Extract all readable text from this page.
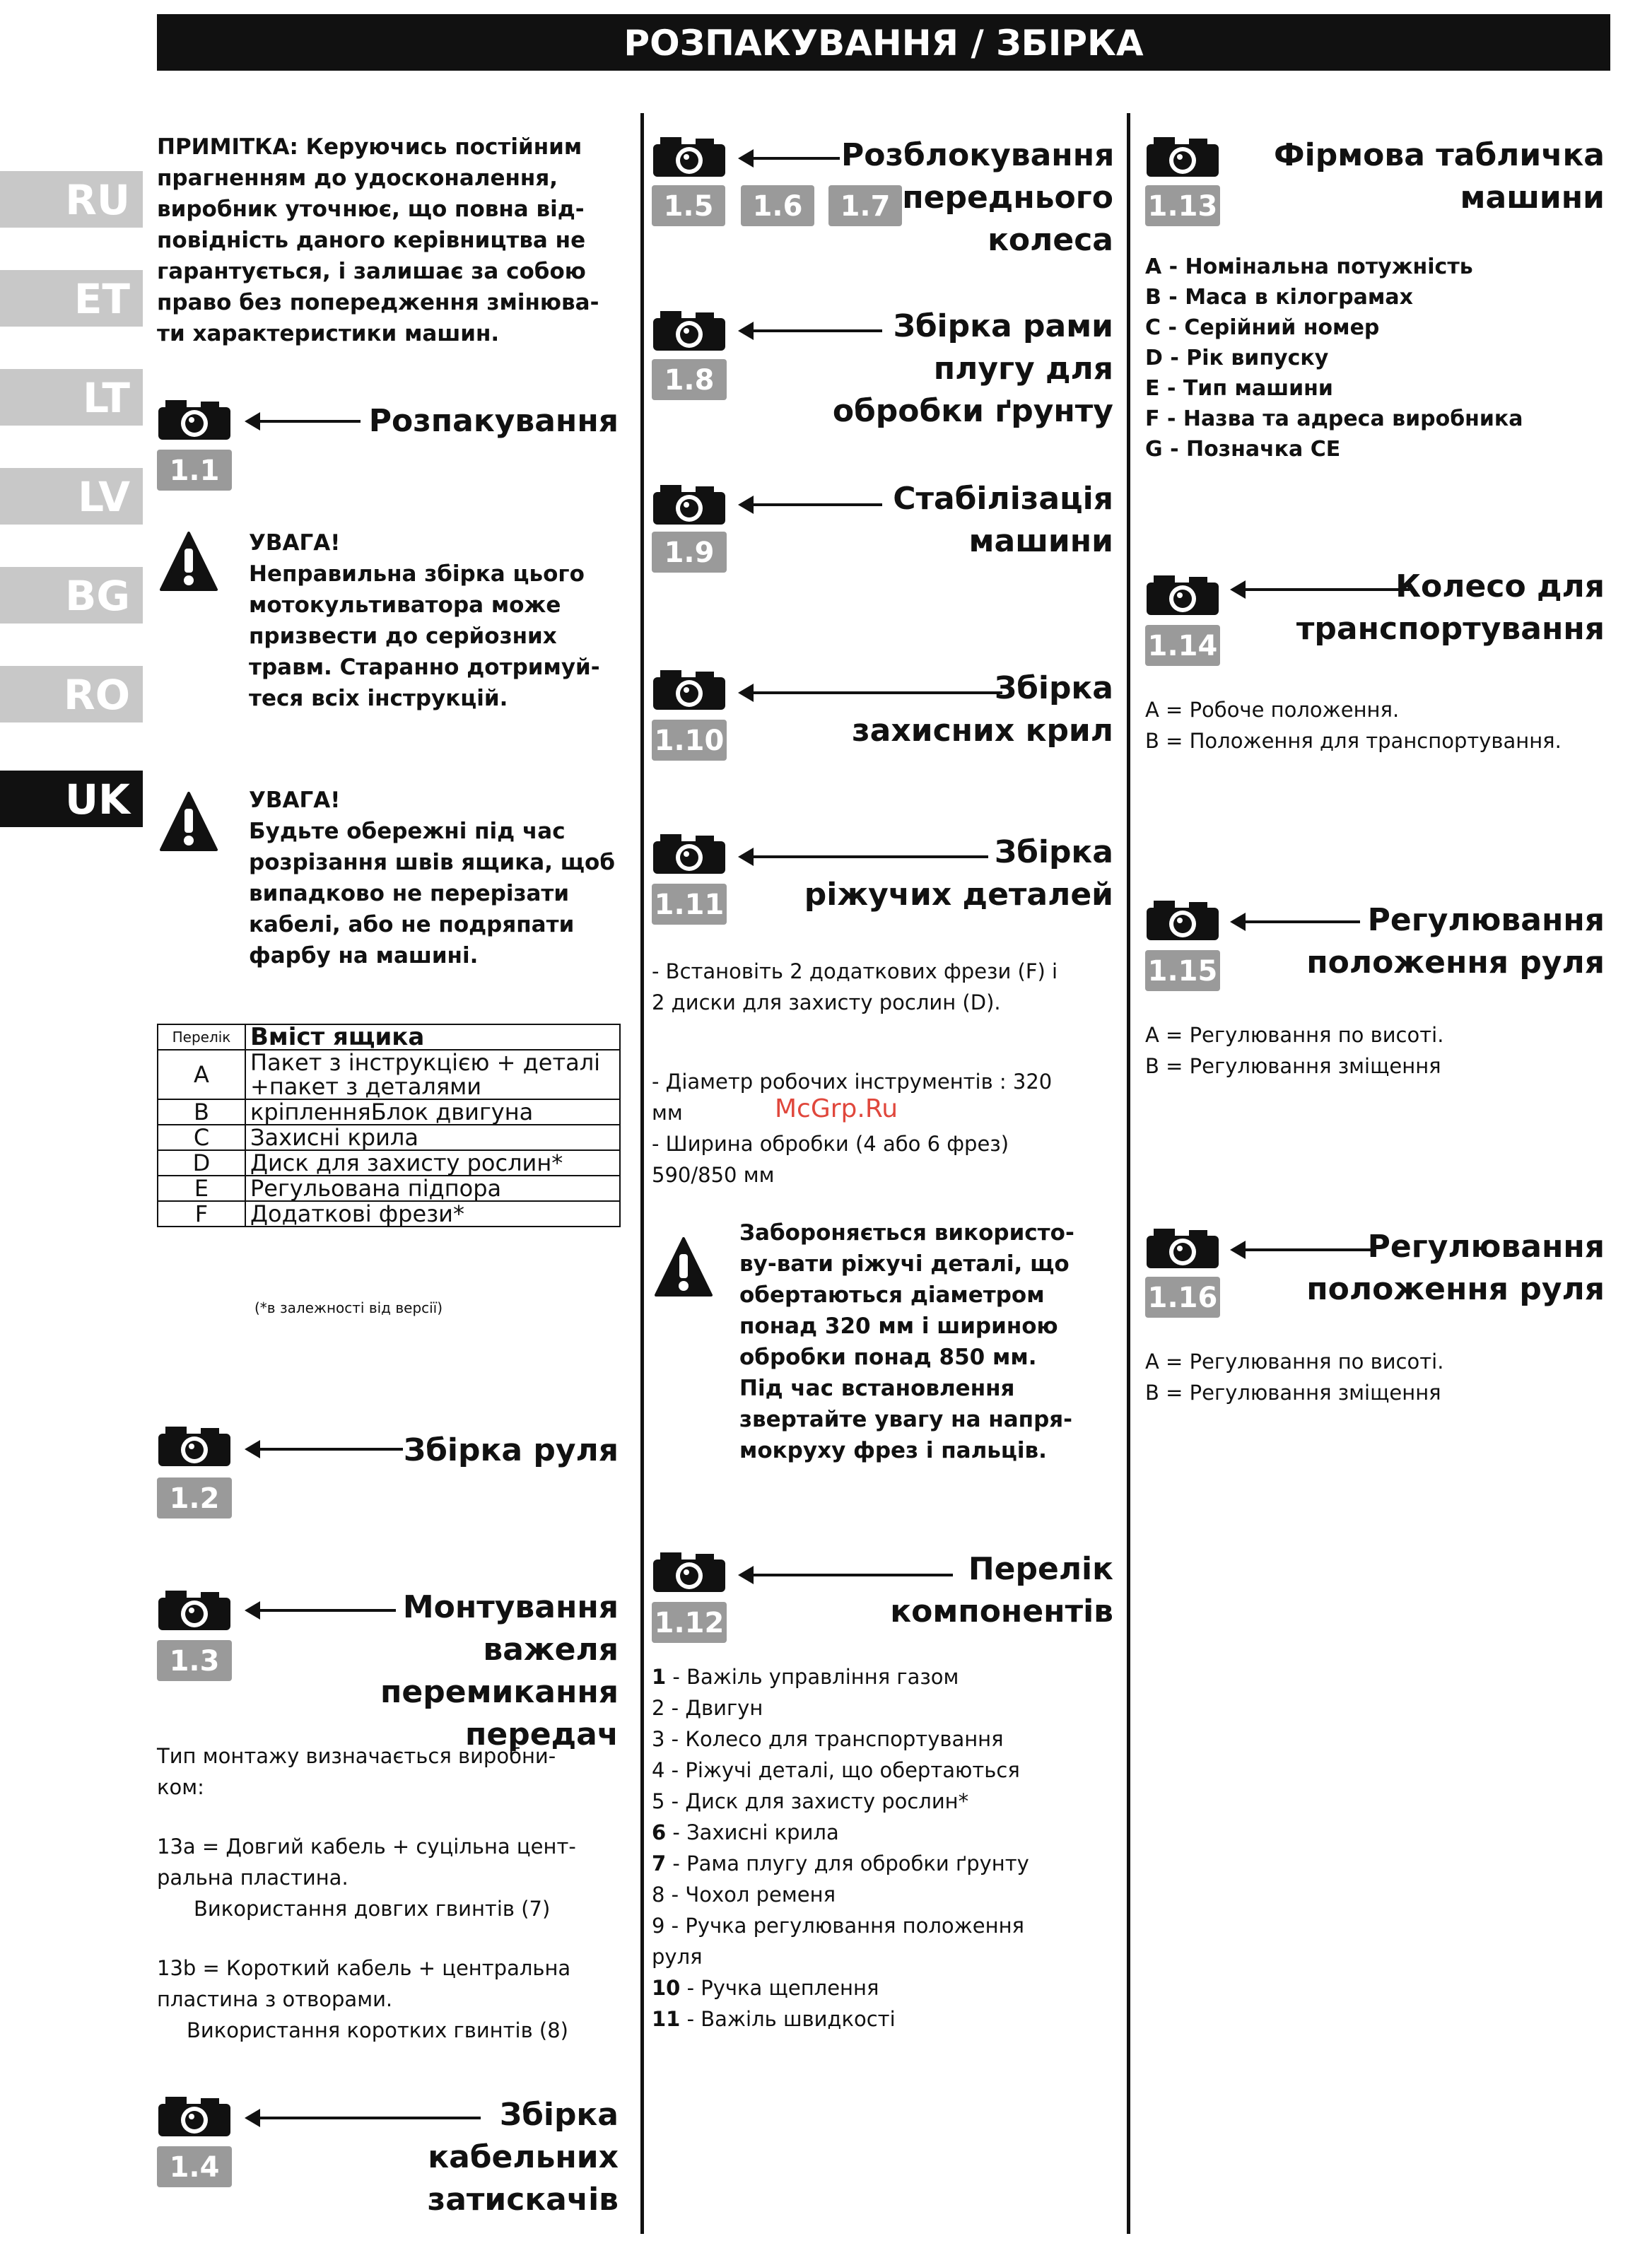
РОЗПАКУВАННЯ / ЗБІРКА
RU
ET
LT
LV
BG
RO
UK
ПРИМІТКА: Керуючись постійним
прагненням до удосконалення,
виробник уточнює, що повна від-
повідність даного керівництва не
гарантується, і залишає за собою
право без попередження змінюва-
ти характеристики машин.
1.1
Розпакування
УВАГА!
Неправильна збірка цього
мотокультиватора може
призвести до серйозних
травм. Старанно дотримуй-
теся всіх інструкцій.
УВАГА!
Будьте обережні під час
розрізання швів ящика, щоб
випадково не перерізати
кабелі, або не подряпати
фарбу на машині.
Перелік	Вміст ящика
A	Пакет з інструкцією + деталі +пакет з деталями
B	кріпленняБлок двигуна
C	Захисні крила
D	Диск для захисту рослин*
E	Регульована підпора
F	Додаткові фрези*
(*в залежності від версії)
1.2
Збірка руля
1.3
Монтування
важеля перемикання
передач
Тип монтажу визначається виробни-
ком:
13a = Довгий кабель + суцільна цент-
ральна пластина.
Використання довгих гвинтів (7)
13b = Короткий кабель + центральна
пластина з отворами.
Використання коротких гвинтів (8)
1.4
Збірка
кабельних затискачів
1.5	1.6	1.7
Розблокування
переднього
колеса
1.8
Збірка рами
плугу для
обробки ґрунту
1.9
Стабілізація
машини
1.10
Збірка
захисних крил
1.11
Збірка
ріжучих деталей
- Встановіть 2 додаткових фрези (F) і
2 диски для захисту рослин (D).
- Діаметр робочих інструментів : 320
мм
- Ширина обробки (4 або 6 фрез)
590/850 мм
McGrp.Ru
Забороняється використо-
ву-вати ріжучі деталі, що
обертаються діаметром
понад 320 мм і шириною
обробки понад 850 мм.
Під час встановлення
звертайте увагу на напря-
мокруху фрез і пальців.
1.12
Перелік
компонентів
1 - Важіль управління газом
2 - Двигун
3 - Колесо для транспортування
4 - Ріжучі деталі, що обертаються
5 - Диск для захисту рослин*
6 - Захисні крила
7 - Рама плугу для обробки ґрунту
8 - Чохол ременя
9 - Ручка регулювання положення
руля
10 - Ручка щеплення
11 - Важіль швидкості
1.13
Фірмова табличка
машини
A - Номінальна потужність
B - Маса в кілограмах
C - Серійний номер
D - Рік випуску
E - Тип машини
F - Назва та адреса виробника
G - Позначка CE
1.14
Колесо для
транспортування
A = Робоче положення.
B = Положення для транспортування.
1.15
Регулювання
положення руля
A = Регулювання по висоті.
B = Регулювання зміщення
1.16
Регулювання
положення руля
A = Регулювання по висоті.
B = Регулювання зміщення
